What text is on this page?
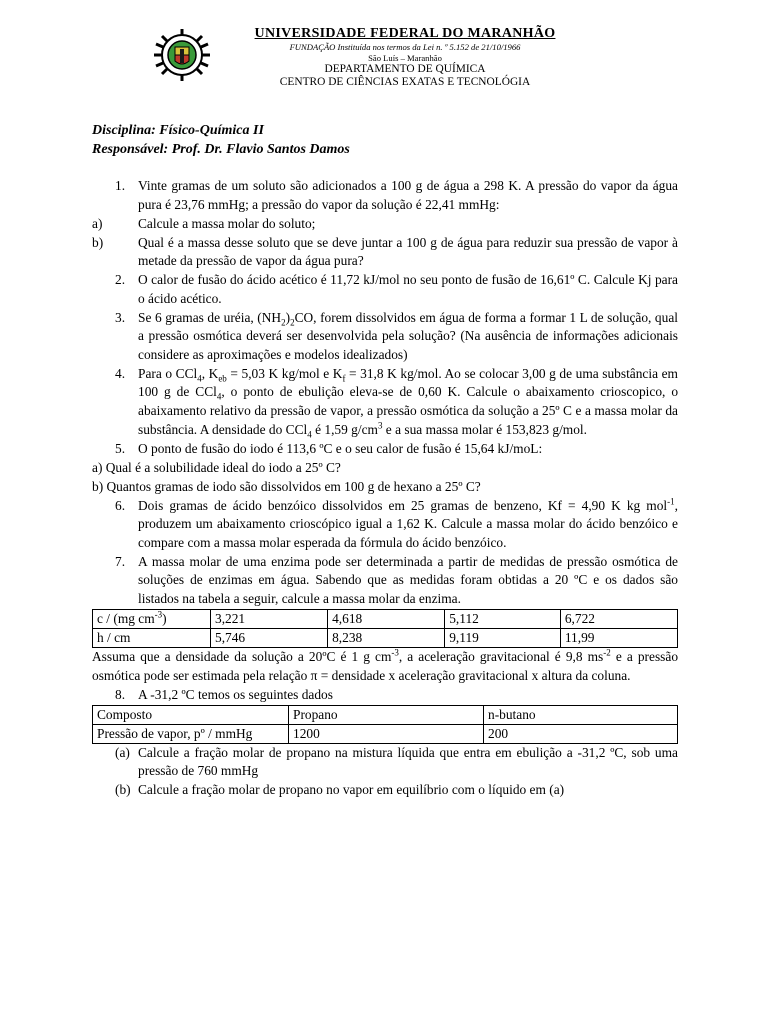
UNIVERSIDADE FEDERAL DO MARANHÃO
FUNDAÇÃO Instituída nos termos da Lei n. º 5.152 de 21/10/1966
São Luís – Maranhão
DEPARTAMENTO DE QUÍMICA
CENTRO DE CIÊNCIAS EXATAS E TECNOLÓGIA
Disciplina: Físico-Química II
Responsável: Prof. Dr. Flavio Santos Damos
1. Vinte gramas de um soluto são adicionados a 100 g de água a 298 K. A pressão do vapor da água pura é 23,76 mmHg; a pressão do vapor da solução é 22,41 mmHg:
a)	Calcule a massa molar do soluto;
b)	Qual é a massa desse soluto que se deve juntar a 100 g de água para reduzir sua pressão de vapor à metade da pressão de vapor da água pura?
2. O calor de fusão do ácido acético é 11,72 kJ/mol no seu ponto de fusão de 16,61º C. Calcule Kj para o ácido acético.
3. Se 6 gramas de uréia, $(NH_2)_2CO$, forem dissolvidos em água de forma a formar 1 L de solução, qual a pressão osmótica deverá ser desenvolvida pela solução? (Na ausência de informações adicionais considere as aproximações e modelos idealizados)
4. Para o CCl$_4$, $K_{eb} = 5,03$ K kg/mol e $K_f = 31,8$ K kg/mol. Ao se colocar 3,00 g de uma substância em 100 g de CCl$_4$, o ponto de ebulição eleva-se de 0,60 K. Calcule o abaixamento crioscopico, o abaixamento relativo da pressão de vapor, a pressão osmótica da solução a 25º C e a massa molar da substância. A densidade do CCl$_4$ é 1,59 $g/cm^3$ e a sua massa molar é 153,823 g/mol.
5. O ponto de fusão do iodo é 113,6 ºC e o seu calor de fusão é 15,64 kJ/moL:
a) Qual é a solubilidade ideal do iodo a 25º C?
b) Quantos gramas de iodo são dissolvidos em 100 g de hexano a 25º C?
6. Dois gramas de ácido benzóico dissolvidos em 25 gramas de benzeno, Kf = 4,90 K kg mol$^{-1}$, produzem um abaixamento crioscópico igual a 1,62 K. Calcule a massa molar do ácido benzóico e compare com a massa molar esperada da fórmula do ácido benzóico.
7. A massa molar de uma enzima pode ser determinada a partir de medidas de pressão osmótica de soluções de enzimas em água. Sabendo que as medidas foram obtidas a 20 ºC e os dados são listados na tabela a seguir, calcule a massa molar da enzima.
c / (mg $cm^{-3}$)	3,221	4,618	5,112	6,722
h / cm	5,746	8,238	9,119	11,99
Assuma que a densidade da solução a 20ºC é 1 g $cm^{-3}$, a aceleração gravitacional é 9,8 $ms^{-2}$ e a pressão osmótica pode ser estimada pela relação π = densidade x aceleração gravitacional x altura da coluna.
8. A -31,2 ºC temos os seguintes dados
Composto	Propano	n-butano
Pressão de vapor, pº / mmHg	1200	200
(a) Calcule a fração molar de propano na mistura líquida que entra em ebulição a -31,2 ºC, sob uma pressão de 760 mmHg
(b) Calcule a fração molar de propano no vapor em equilíbrio com o líquido em (a)
